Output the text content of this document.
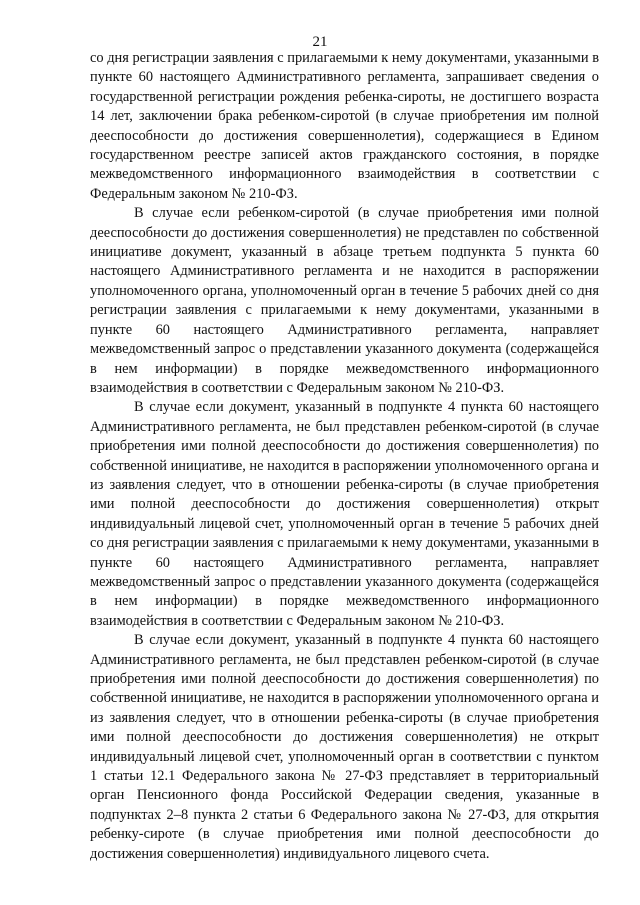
21

со дня регистрации заявления с прилагаемыми к нему документами, указанными в пункте 60 настоящего Административного регламента, запрашивает сведения о государственной регистрации рождения ребенка-сироты, не достигшего возраста 14 лет, заключении брака ребенком-сиротой (в случае приобретения им полной дееспособности до достижения совершеннолетия), содержащиеся в Едином государственном реестре записей актов гражданского состояния, в порядке межведомственного информационного взаимодействия в соответствии с Федеральным законом № 210-ФЗ.

В случае если ребенком-сиротой (в случае приобретения ими полной дееспособности до достижения совершеннолетия) не представлен по собственной инициативе документ, указанный в абзаце третьем подпункта 5 пункта 60 настоящего Административного регламента и не находится в распоряжении уполномоченного органа, уполномоченный орган в течение 5 рабочих дней со дня регистрации заявления с прилагаемыми к нему документами, указанными в пункте 60 настоящего Административного регламента, направляет межведомственный запрос о представлении указанного документа (содержащейся в нем информации) в порядке межведомственного информационного взаимодействия в соответствии с Федеральным законом № 210-ФЗ.

В случае если документ, указанный в подпункте 4 пункта 60 настоящего Административного регламента, не был представлен ребенком-сиротой (в случае приобретения ими полной дееспособности до достижения совершеннолетия) по собственной инициативе, не находится в распоряжении уполномоченного органа и из заявления следует, что в отношении ребенка-сироты (в случае приобретения ими полной дееспособности до достижения совершеннолетия) открыт индивидуальный лицевой счет, уполномоченный орган в течение 5 рабочих дней со дня регистрации заявления с прилагаемыми к нему документами, указанными в пункте 60 настоящего Административного регламента, направляет межведомственный запрос о представлении указанного документа (содержащейся в нем информации) в порядке межведомственного информационного взаимодействия в соответствии с Федеральным законом № 210-ФЗ.

В случае если документ, указанный в подпункте 4 пункта 60 настоящего Административного регламента, не был представлен ребенком-сиротой (в случае приобретения ими полной дееспособности до достижения совершеннолетия) по собственной инициативе, не находится в распоряжении уполномоченного органа и из заявления следует, что в отношении ребенка-сироты (в случае приобретения ими полной дееспособности до достижения совершеннолетия) не открыт индивидуальный лицевой счет, уполномоченный орган в соответствии с пунктом 1 статьи 12.1 Федерального закона № 27-ФЗ представляет в территориальный орган Пенсионного фонда Российской Федерации сведения, указанные в подпунктах 2–8 пункта 2 статьи 6 Федерального закона № 27-ФЗ, для открытия ребенку-сироте (в случае приобретения ими полной дееспособности до достижения совершеннолетия) индивидуального лицевого счета.
